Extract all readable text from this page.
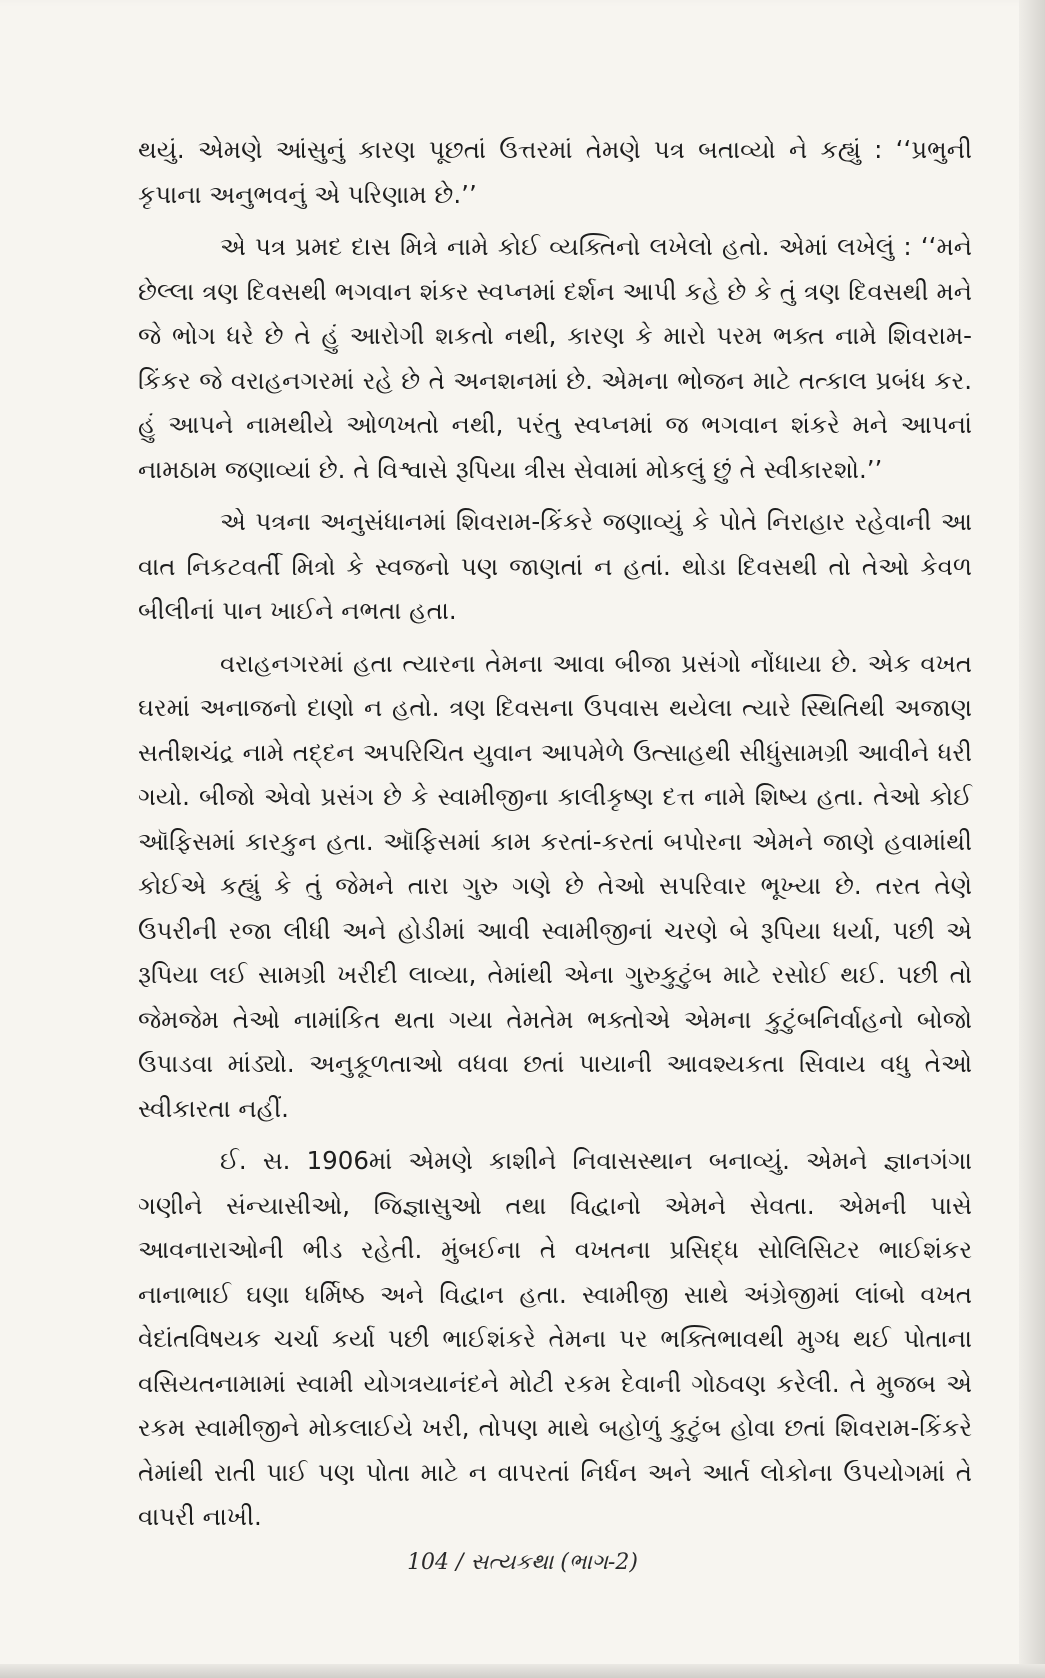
થયું. એમણે આંસુનું કારણ પૂછતાં ઉત્તરમાં તેમણે પત્ર બતાવ્યો ને કહ્યું : ‘‘પ્રભુની કૃપાના અનુભવનું એ પરિણામ છે.’’

એ પત્ર પ્રમદ દાસ મિત્રે નામે કોઈ વ્યક્તિનો લખેલો હતો. એમાં લખેલું : ‘‘મને છેલ્લા ત્રણ દિવસથી ભગવાન શંકર સ્વપ્નમાં દર્શન આપી કહે છે કે તું ત્રણ દિવસથી મને જે ભોગ ધરે છે તે હું આરોગી શકતો નથી, કારણ કે મારો પરમ ભક્ત નામે શિવરામ-કિંકર જે વરાહનગરમાં રહે છે તે અનશનમાં છે. એમના ભોજન માટે તત્કાલ પ્રબંધ કર. હું આપને નામથીયે ઓળખતો નથી, પરંતુ સ્વપ્નમાં જ ભગવાન શંકરે મને આપનાં નામઠામ જણાવ્યાં છે. તે વિશ્વાસે રૂપિયા ત્રીસ સેવામાં મોકલું છું તે સ્વીકારશો.’’

એ પત્રના અનુસંધાનમાં શિવરામ-કિંકરે જણાવ્યું કે પોતે નિરાહાર રહેવાની આ વાત નિકટવર્તી મિત્રો કે સ્વજનો પણ જાણતાં ન હતાં. થોડા દિવસથી તો તેઓ કેવળ બીલીનાં પાન ખાઈને નભતા હતા.

વરાહનગરમાં હતા ત્યારના તેમના આવા બીજા પ્રસંગો નોંધાયા છે. એક વખત ઘરમાં અનાજનો દાણો ન હતો. ત્રણ દિવસના ઉપવાસ થયેલા ત્યારે સ્થિતિથી અજાણ સતીશચંદ્ર નામે તદ્દન અપરિચિત યુવાન આપમેળે ઉત્સાહથી સીધુંસામગ્રી આવીને ધરી ગયો. બીજો એવો પ્રસંગ છે કે સ્વામીજીના કાલીકૃષ્ણ દત્ત નામે શિષ્ય હતા. તેઓ કોઈ ઑફિસમાં કારકુન હતા. ઑફિસમાં કામ કરતાં-કરતાં બપોરના એમને જાણે હવામાંથી કોઈએ કહ્યું કે તું જેમને તારા ગુરુ ગણે છે તેઓ સપરિવાર ભૂખ્યા છે. તરત તેણે ઉપરીની રજા લીધી અને હોડીમાં આવી સ્વામીજીનાં ચરણે બે રૂપિયા ધર્યા, પછી એ રૂપિયા લઈ સામગ્રી ખરીદી લાવ્યા, તેમાંથી એના ગુરુકુટુંબ માટે રસોઈ થઈ. પછી તો જેમજેમ તેઓ નામાંકિત થતા ગયા તેમતેમ ભક્તોએ એમના કુટુંબનિર્વાહનો બોજો ઉપાડવા માંડ્યો. અનુકૂળતાઓ વધવા છતાં પાયાની આવશ્યકતા સિવાય વધુ તેઓ સ્વીકારતા નહીં.

ઈ. સ. 1906માં એમણે કાશીને નિવાસસ્થાન બનાવ્યું. એમને જ્ઞાનગંગા ગણીને સંન્યાસીઓ, જિજ્ઞાસુઓ તથા વિદ્વાનો એમને સેવતા. એમની પાસે આવનારાઓની ભીડ રહેતી. મુંબઈના તે વખતના પ્રસિદ્ધ સોલિસિટર ભાઈશંકર નાનાભાઈ ઘણા ધર્મિષ્ઠ અને વિદ્વાન હતા. સ્વામીજી સાથે અંગ્રેજીમાં લાંબો વખત વેદાંતવિષયક ચર્ચા કર્યા પછી ભાઈશંકરે તેમના પર ભક્તિભાવથી મુગ્ધ થઈ પોતાના વસિયતનામામાં સ્વામી યોગત્રયાનંદને મોટી રકમ દેવાની ગોઠવણ કરેલી. તે મુજબ એ રકમ સ્વામીજીને મોકલાઈયે ખરી, તોપણ માથે બહોળું કુટુંબ હોવા છતાં શિવરામ-કિંકરે તેમાંથી રાતી પાઈ પણ પોતા માટે ન વાપરતાં નિર્ધન અને આર્ત લોકોના ઉપયોગમાં તે વાપરી નાખી.

104 / સત્યકથા (ભાગ-2)
